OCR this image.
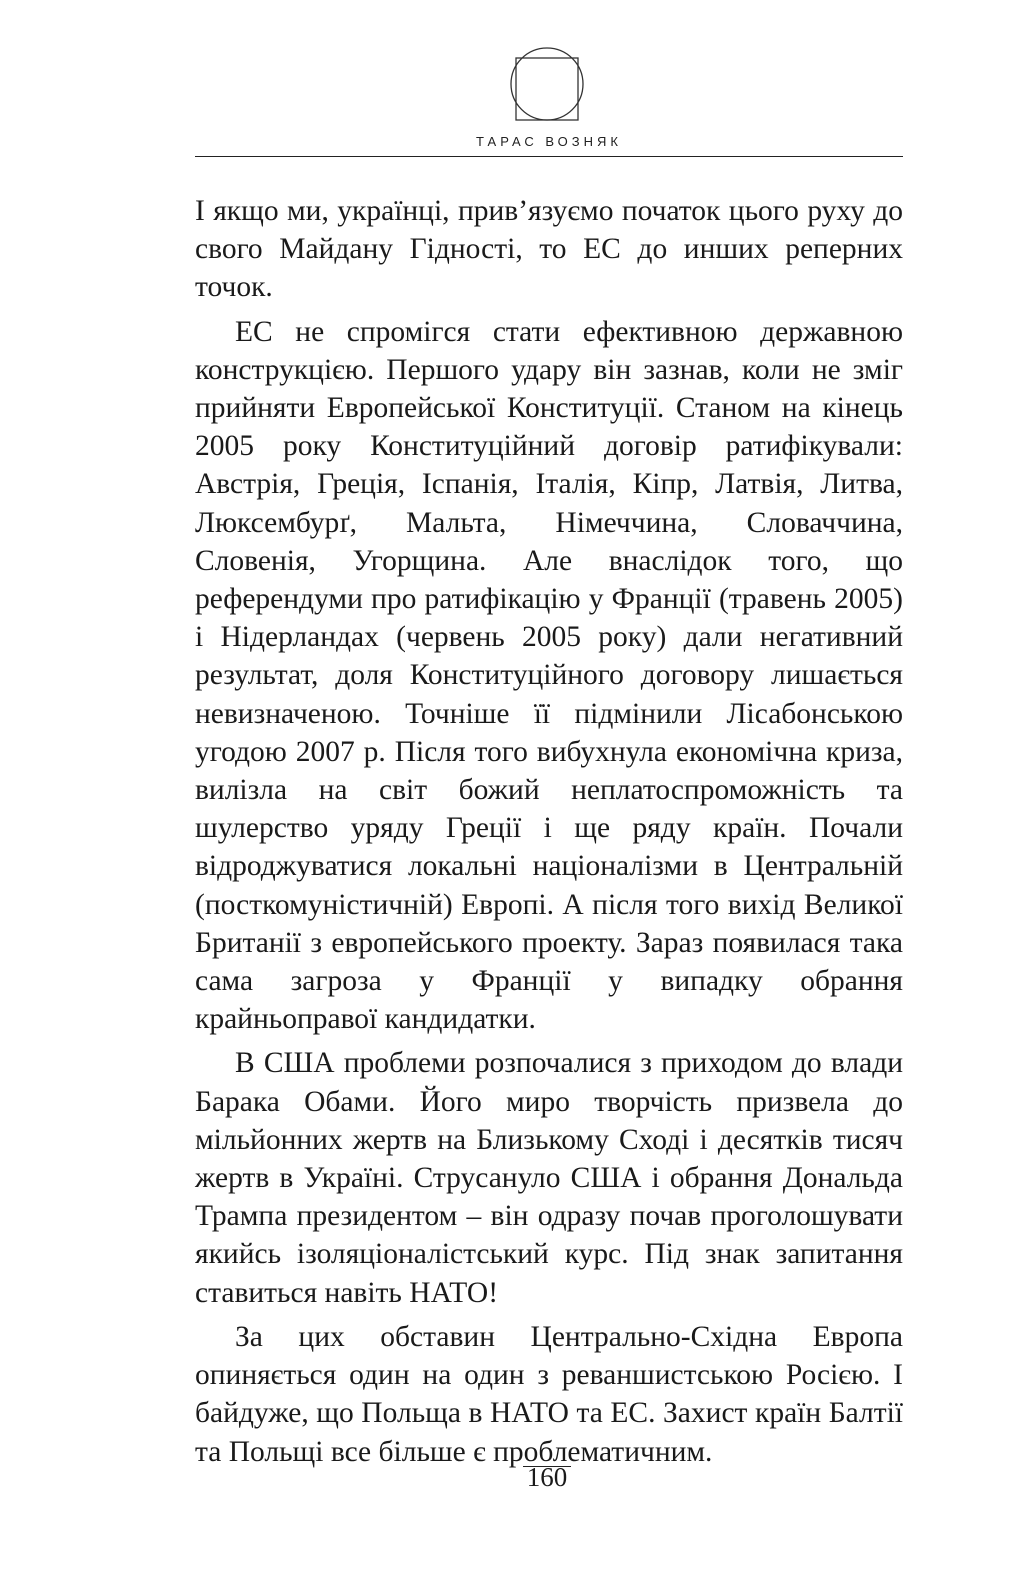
ТАРАС ВОЗНЯК

І якщо ми, українці, прив’язуємо початок цього руху до свого Майдану Гідності, то ЕС до инших реперних точок.

ЕС не спромігся стати ефективною державною конструкцією. Першого удару він зазнав, коли не зміг прийняти Европейської Конституції. Станом на кінець 2005 року Конституційний договір ратифікували: Австрія, Греція, Іспанія, Італія, Кіпр, Латвія, Литва, Люксембурґ, Мальта, Німеччина, Словаччина, Словенія, Угорщина. Але внаслідок того, що референдуми про ратифікацію у Франції (травень 2005) і Нідерландах (червень 2005 року) дали негативний результат, доля Конституційного договору лишається невизначеною. Точніше її підмінили Лісабонською угодою 2007 р. Після того вибухнула економічна криза, вилізла на світ божий неплатоспроможність та шулерство уряду Греції і ще ряду країн. Почали відроджуватися локальні націоналізми в Центральній (посткомуністичній) Европі. А після того вихід Великої Британії з европейського проекту. Зараз появилася така сама загроза у Франції у випадку обрання крайньоправої кандидатки.

В США проблеми розпочалися з приходом до влади Барака Обами. Його миро творчість призвела до мільйонних жертв на Близькому Сході і десятків тисяч жертв в Україні. Струсануло США і обрання Дональда Трампа президентом – він одразу почав проголошувати якийсь ізоляціоналістський курс. Під знак запитання ставиться навіть НАТО!

За цих обставин Центрально-Східна Европа опиняється один на один з реваншистською Росією. І байдуже, що Польща в НАТО та ЕС. Захист країн Балтії та Польщі все більше є проблематичним.

160
